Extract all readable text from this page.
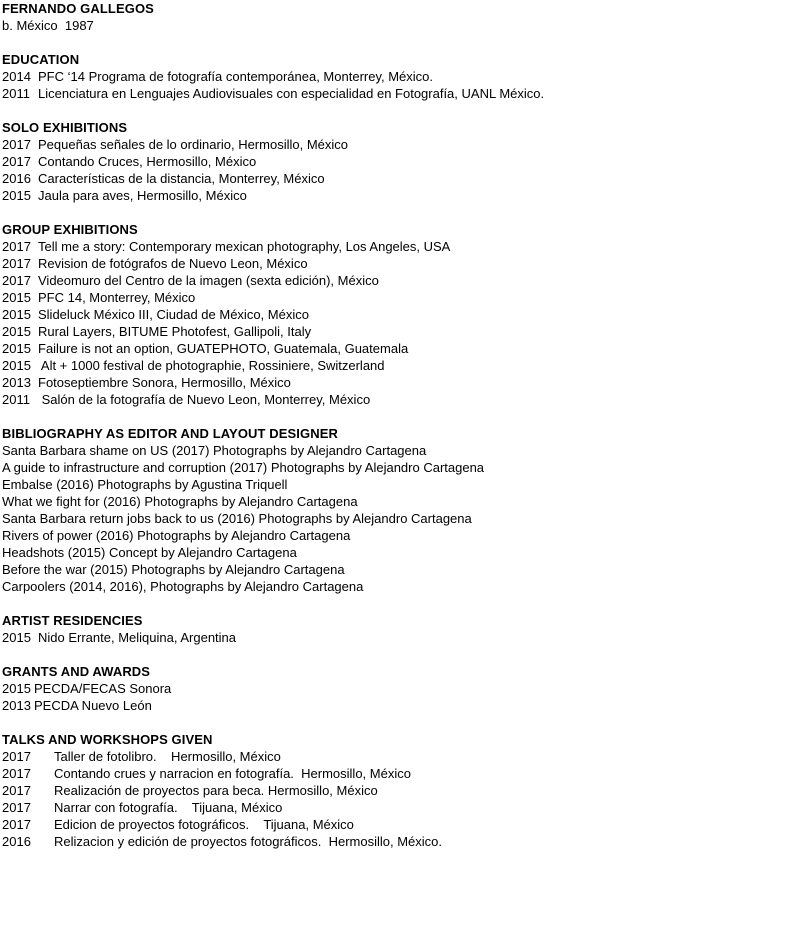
FERNANDO GALLEGOS
b. México  1987
EDUCATION
2014 PFC ‘14 Programa de fotografía contemporánea, Monterrey, México.
2011 Licenciatura en Lenguajes Audiovisuales con especialidad en Fotografía, UANL México.
SOLO EXHIBITIONS
2017 Pequeñas señales de lo ordinario, Hermosillo, México
2017 Contando Cruces, Hermosillo, México
2016 Características de la distancia, Monterrey, México
2015 Jaula para aves, Hermosillo, México
GROUP EXHIBITIONS
2017 Tell me a story: Contemporary mexican photography, Los Angeles, USA
2017 Revision de fotógrafos de Nuevo Leon, México
2017 Videomuro del Centro de la imagen (sexta edición), México
2015 PFC 14, Monterrey, México
2015 Slideluck México III, Ciudad de México, México
2015 Rural Layers, BITUME Photofest, Gallipoli, Italy
2015 Failure is not an option, GUATEPHOTO, Guatemala, Guatemala
2015 Alt + 1000 festival de photographie, Rossiniere, Switzerland
2013 Fotoseptiembre Sonora, Hermosillo, México
2011 Salón de la fotografía de Nuevo Leon, Monterrey, México
BIBLIOGRAPHY AS EDITOR AND LAYOUT DESIGNER
Santa Barbara shame on US (2017) Photographs by Alejandro Cartagena
A guide to infrastructure and corruption (2017) Photographs by Alejandro Cartagena
Embalse (2016) Photographs by Agustina Triquell
What we fight for (2016) Photographs by Alejandro Cartagena
Santa Barbara return jobs back to us (2016) Photographs by Alejandro Cartagena
Rivers of power (2016) Photographs by Alejandro Cartagena
Headshots (2015) Concept by Alejandro Cartagena
Before the war (2015) Photographs by Alejandro Cartagena
Carpoolers (2014, 2016), Photographs by Alejandro Cartagena
ARTIST RESIDENCIES
2015 Nido Errante, Meliquina, Argentina
GRANTS AND AWARDS
2015 PECDA/FECAS Sonora
2013 PECDA Nuevo León
TALKS AND WORKSHOPS GIVEN
2017	Taller de fotolibro.    Hermosillo, México
2017	Contando crues y narracion en fotografía.  Hermosillo, México
2017	Realización de proyectos para beca. Hermosillo, México
2017	Narrar con fotografía.    Tijuana, México
2017	Edicion de proyectos fotográficos.    Tijuana, México
2016	Relizacion y edición de proyectos fotográficos.  Hermosillo, México.
